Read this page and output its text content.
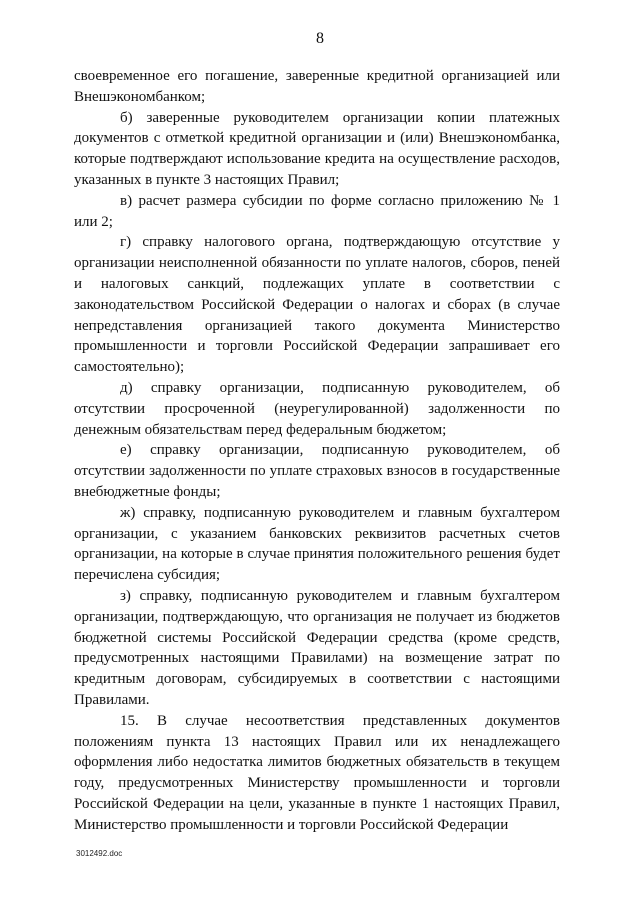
8

своевременное его погашение, заверенные кредитной организацией или Внешэкономбанком;

б) заверенные руководителем организации копии платежных документов с отметкой кредитной организации и (или) Внешэкономбанка, которые подтверждают использование кредита на осуществление расходов, указанных в пункте 3 настоящих Правил;

в) расчет размера субсидии по форме согласно приложению № 1 или 2;

г) справку налогового органа, подтверждающую отсутствие у организации неисполненной обязанности по уплате налогов, сборов, пеней и налоговых санкций, подлежащих уплате в соответствии с законодательством Российской Федерации о налогах и сборах (в случае непредставления организацией такого документа Министерство промышленности и торговли Российской Федерации запрашивает его самостоятельно);

д) справку организации, подписанную руководителем, об отсутствии просроченной (неурегулированной) задолженности по денежным обязательствам перед федеральным бюджетом;

е) справку организации, подписанную руководителем, об отсутствии задолженности по уплате страховых взносов в государственные внебюджетные фонды;

ж) справку, подписанную руководителем и главным бухгалтером организации, с указанием банковских реквизитов расчетных счетов организации, на которые в случае принятия положительного решения будет перечислена субсидия;

з) справку, подписанную руководителем и главным бухгалтером организации, подтверждающую, что организация не получает из бюджетов бюджетной системы Российской Федерации средства (кроме средств, предусмотренных настоящими Правилами) на возмещение затрат по кредитным договорам, субсидируемых в соответствии с настоящими Правилами.

15. В случае несоответствия представленных документов положениям пункта 13 настоящих Правил или их ненадлежащего оформления либо недостатка лимитов бюджетных обязательств в текущем году, предусмотренных Министерству промышленности и торговли Российской Федерации на цели, указанные в пункте 1 настоящих Правил, Министерство промышленности и торговли Российской Федерации

3012492.doc
